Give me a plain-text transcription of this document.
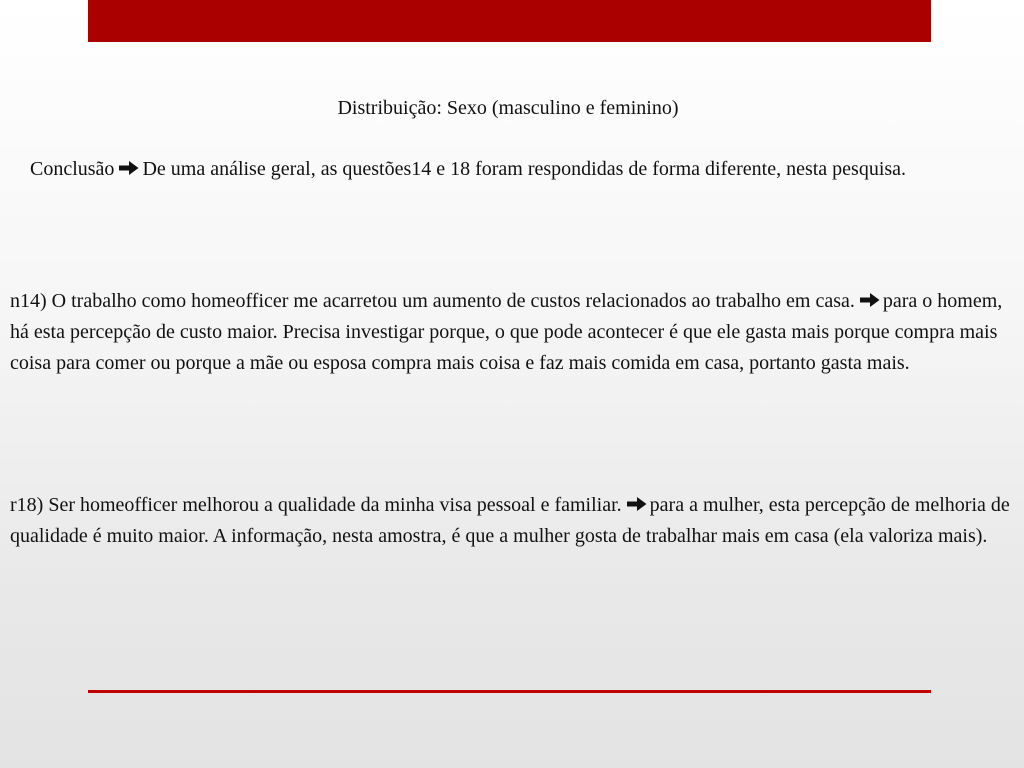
Distribuição: Sexo (masculino e feminino)
Conclusão De uma análise geral, as questões14 e 18 foram respondidas de forma diferente, nesta pesquisa.
n14) O trabalho como homeofficer me acarretou um aumento de custos relacionados ao trabalho em casa. para o homem, há esta percepção de custo maior. Precisa investigar porque, o que pode acontecer é que ele gasta mais porque compra mais coisa para comer ou porque a mãe ou esposa compra mais coisa e faz mais comida em casa, portanto gasta mais.
r18) Ser homeofficer melhorou a qualidade da minha visa pessoal e familiar. para a mulher, esta percepção de melhoria de qualidade é muito maior. A informação, nesta amostra, é que a mulher gosta de trabalhar mais em casa (ela valoriza mais).
